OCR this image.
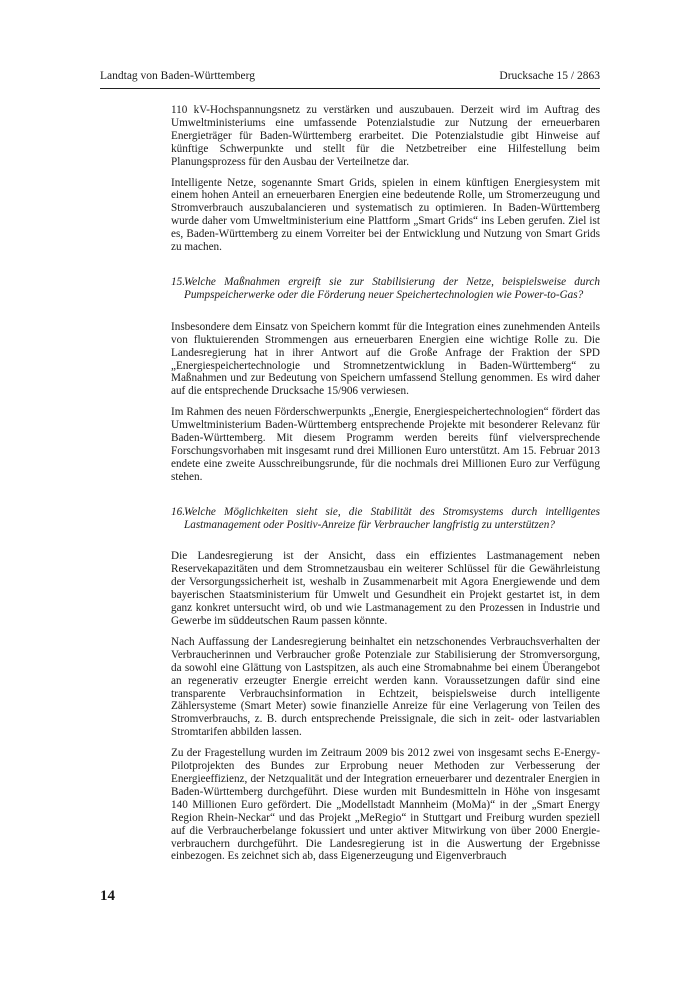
Landtag von Baden-Württemberg	Drucksache 15 / 2863

110 kV-Hochspannungsnetz zu verstärken und auszubauen. Derzeit wird im Auftrag des Umweltministeriums eine umfassende Potenzialstudie zur Nutzung der erneuerbaren Energieträger für Baden-Württemberg erarbeitet. Die Potenzialstudie gibt Hinweise auf künftige Schwerpunkte und stellt für die Netzbetreiber eine Hilfestellung beim Planungsprozess für den Ausbau der Verteilnetze dar.

Intelligente Netze, sogenannte Smart Grids, spielen in einem künftigen Energiesystem mit einem hohen Anteil an erneuerbaren Energien eine bedeutende Rolle, um Stromerzeugung und Stromverbrauch auszubalancieren und systematisch zu optimieren. In Baden-Württemberg wurde daher vom Umweltministerium eine Plattform „Smart Grids“ ins Leben gerufen. Ziel ist es, Baden-Württemberg zu einem Vorreiter bei der Entwicklung und Nutzung von Smart Grids zu machen.

15. Welche Maßnahmen ergreift sie zur Stabilisierung der Netze, beispielsweise durch Pumpspeicherwerke oder die Förderung neuer Speichertechnologien wie Power-to-Gas?

Insbesondere dem Einsatz von Speichern kommt für die Integration eines zunehmenden Anteils von fluktuierenden Strommengen aus erneuerbaren Energien eine wichtige Rolle zu. Die Landesregierung hat in ihrer Antwort auf die Große Anfrage der Fraktion der SPD „Energiespeichertechnologie und Stromnetzentwicklung in Baden-Württemberg“ zu Maßnahmen und zur Bedeutung von Speichern umfassend Stellung genommen. Es wird daher auf die entsprechende Drucksache 15/906 verwiesen.

Im Rahmen des neuen Förderschwerpunkts „Energie, Energiespeichertechnologien“ fördert das Umweltministerium Baden-Württemberg entsprechende Projekte mit besonderer Relevanz für Baden-Württemberg. Mit diesem Programm werden bereits fünf vielversprechende Forschungsvorhaben mit insgesamt rund drei Millionen Euro unterstützt. Am 15. Februar 2013 endete eine zweite Ausschreibungsrunde, für die nochmals drei Millionen Euro zur Verfügung stehen.

16. Welche Möglichkeiten sieht sie, die Stabilität des Stromsystems durch intelligentes Lastmanagement oder Positiv-Anreize für Verbraucher langfristig zu unterstützen?

Die Landesregierung ist der Ansicht, dass ein effizientes Lastmanagement neben Reservekapazitäten und dem Stromnetzausbau ein weiterer Schlüssel für die Gewährleistung der Versorgungssicherheit ist, weshalb in Zusammenarbeit mit Agora Energiewende und dem bayerischen Staatsministerium für Umwelt und Gesundheit ein Projekt gestartet ist, in dem ganz konkret untersucht wird, ob und wie Lastmanagement zu den Prozessen in Industrie und Gewerbe im süddeutschen Raum passen könnte.

Nach Auffassung der Landesregierung beinhaltet ein netzschonendes Verbrauchsverhalten der Verbraucherinnen und Verbraucher große Potenziale zur Stabilisierung der Stromversorgung, da sowohl eine Glättung von Lastspitzen, als auch eine Stromabnahme bei einem Überangebot an regenerativ erzeugter Energie erreicht werden kann. Voraussetzungen dafür sind eine transparente Verbrauchsinformation in Echtzeit, beispielsweise durch intelligente Zählersysteme (Smart Meter) sowie finanzielle Anreize für eine Verlagerung von Teilen des Stromverbrauchs, z. B. durch entsprechende Preissignale, die sich in zeit- oder lastvariablen Stromtarifen abbilden lassen.

Zu der Fragestellung wurden im Zeitraum 2009 bis 2012 zwei von insgesamt sechs E-Energy-Pilotprojekten des Bundes zur Erprobung neuer Methoden zur Verbesserung der Energieeffizienz, der Netzqualität und der Integration erneuerbarer und dezentraler Energien in Baden-Württemberg durchgeführt. Diese wurden mit Bundesmitteln in Höhe von insgesamt 140 Millionen Euro gefördert. Die „Modellstadt Mannheim (MoMa)“ in der „Smart Energy Region Rhein-Neckar“ und das Projekt „MeRegio“ in Stuttgart und Freiburg wurden speziell auf die Verbraucherbelange fokussiert und unter aktiver Mitwirkung von über 2000 Energieverbrauchern durchgeführt. Die Landesregierung ist in die Auswertung der Ergebnisse einbezogen. Es zeichnet sich ab, dass Eigenerzeugung und Eigenverbrauch

14
